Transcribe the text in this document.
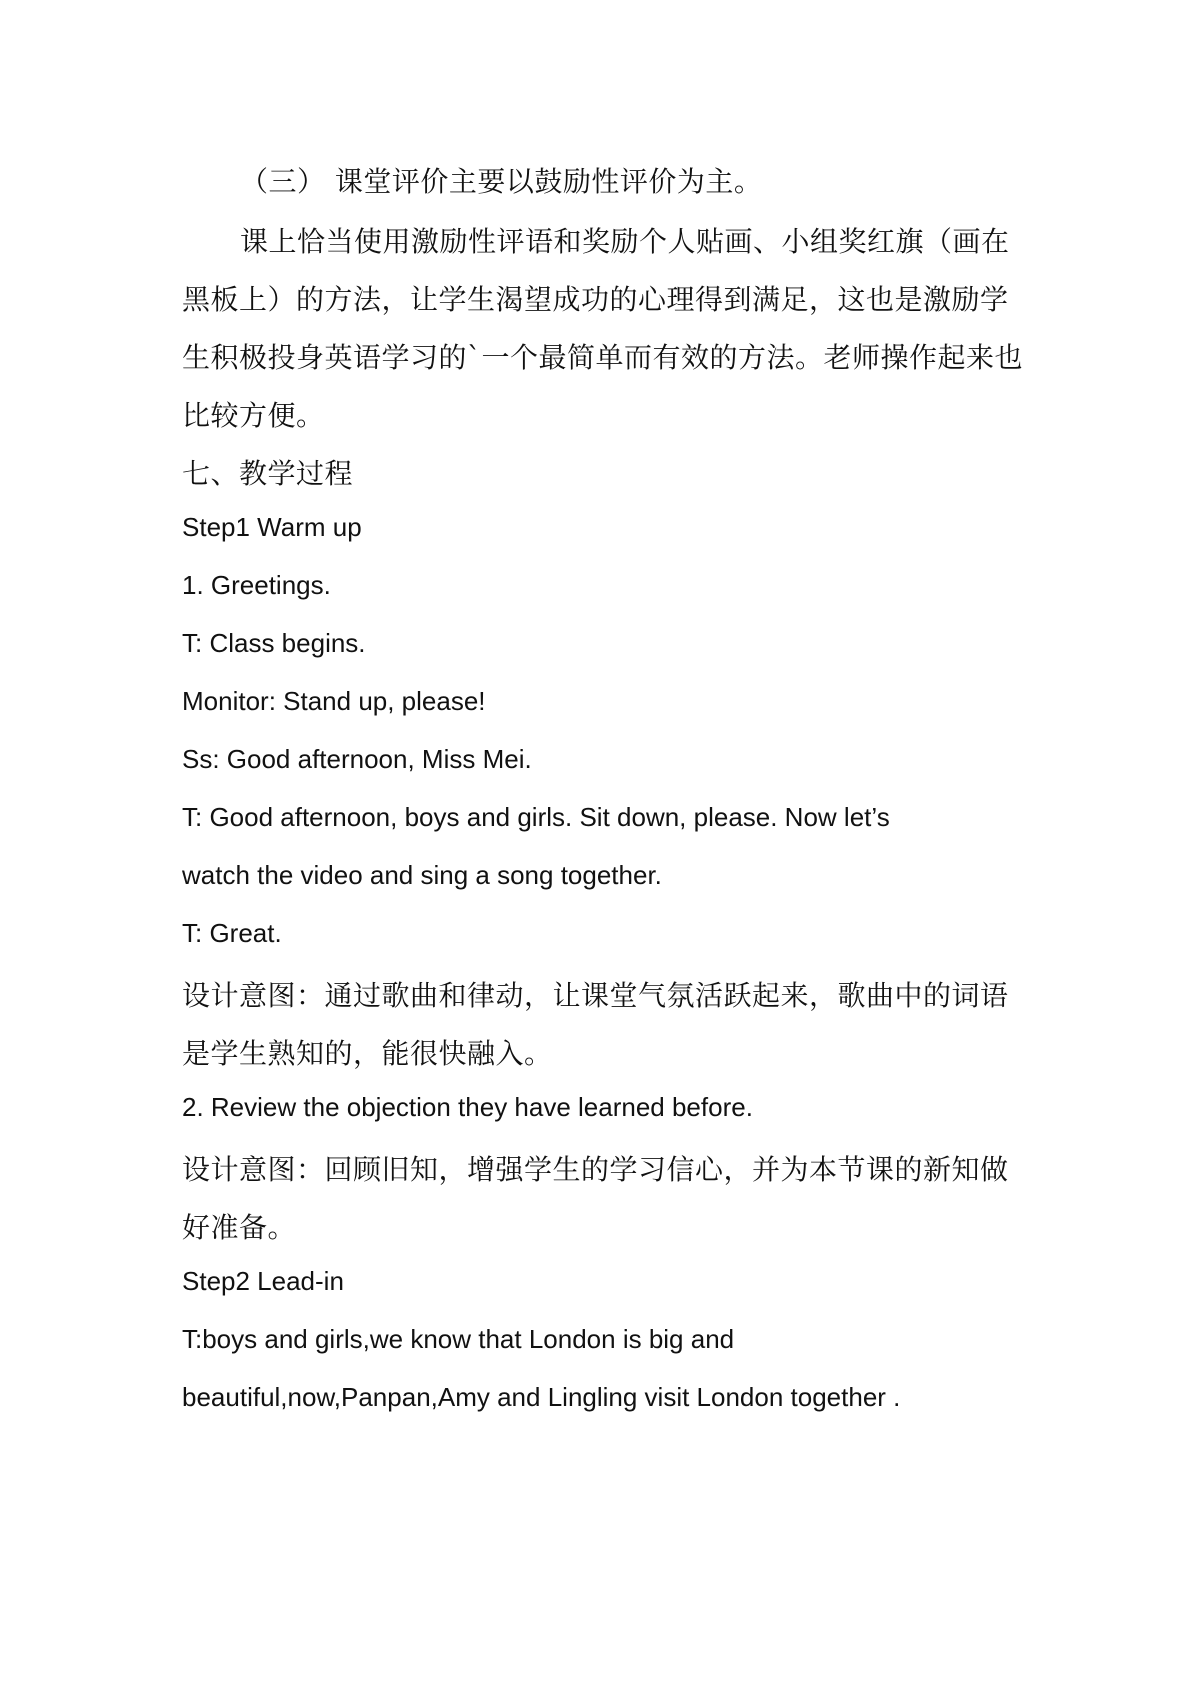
（三） 课堂评价主要以鼓励性评价为主。
课上恰当使用激励性评语和奖励个人贴画、小组奖红旗（画在
黑板上）的方法，让学生渴望成功的心理得到满足，这也是激励学
生积极投身英语学习的`一个最简单而有效的方法。老师操作起来也
比较方便。
七、教学过程
Step1 Warm up
1. Greetings.
T: Class begins.
Monitor: Stand up, please!
Ss: Good afternoon, Miss Mei.
T: Good afternoon, boys and girls. Sit down, please. Now let’s
watch the video and sing a song together.
T: Great.
设计意图：通过歌曲和律动，让课堂气氛活跃起来，歌曲中的词语
是学生熟知的，能很快融入。
2. Review the objection they have learned before.
设计意图：回顾旧知，增强学生的学习信心，并为本节课的新知做
好准备。
Step2 Lead-in
T:boys and girls,we know that London is big and
beautiful,now,Panpan,Amy and Lingling visit London together .
